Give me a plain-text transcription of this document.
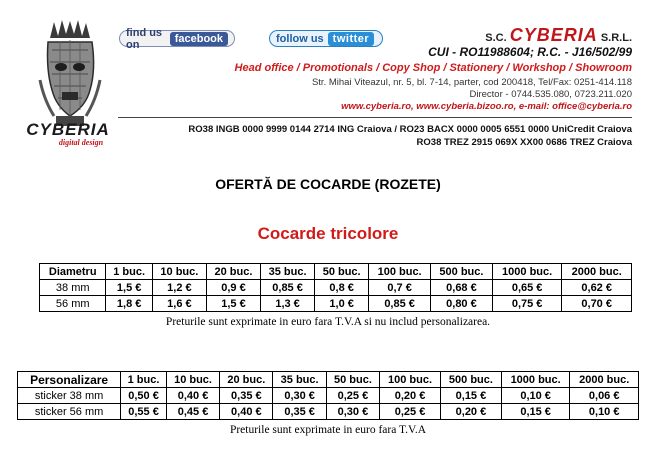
CYBERIA
digital design
find us on	facebook	follow us twitter	S.C. CYBERIA S.R.L.
CUI - RO11988604; R.C. - J16/502/99
Head office / Promotionals / Copy Shop / Stationery / Workshop / Showroom
Str. Mihai Viteazul, nr. 5, bl. 7-14, parter, cod 200418, Tel/Fax: 0251-414.118
Director - 0744.535.080, 0723.211.020
www.cyberia.ro, www.cyberia.bizoo.ro, e-mail: office@cyberia.ro
RO38 INGB 0000 9999 0144 2714 ING Craiova / RO23 BACX 0000 0005 6551 0000 UniCredit Craiova
RO38 TREZ 2915 069X XX00 0686 TREZ Craiova
OFERTĂ DE COCARDE (ROZETE)
Cocarde tricolore
Diametru	1 buc.	10 buc.	20 buc.	35 buc.	50 buc.	100 buc.	500 buc.	1000 buc.	2000 buc.
38 mm	1,5 €	1,2 €	0,9 €	0,85 €	0,8 €	0,7 €	0,68 €	0,65 €	0,62 €
56 mm	1,8 €	1,6 €	1,5 €	1,3 €	1,0 €	0,85 €	0,80 €	0,75 €	0,70 €
Preturile sunt exprimate in euro fara T.V.A si nu includ personalizarea.
Personalizare	1 buc.	10 buc.	20 buc.	35 buc.	50 buc.	100 buc.	500 buc.	1000 buc.	2000 buc.
sticker 38 mm	0,50 €	0,40 €	0,35 €	0,30 €	0,25 €	0,20 €	0,15 €	0,10 €	0,06 €
sticker 56 mm	0,55 €	0,45 €	0,40 €	0,35 €	0,30 €	0,25 €	0,20 €	0,15 €	0,10 €
Preturile sunt exprimate in euro fara T.V.A
